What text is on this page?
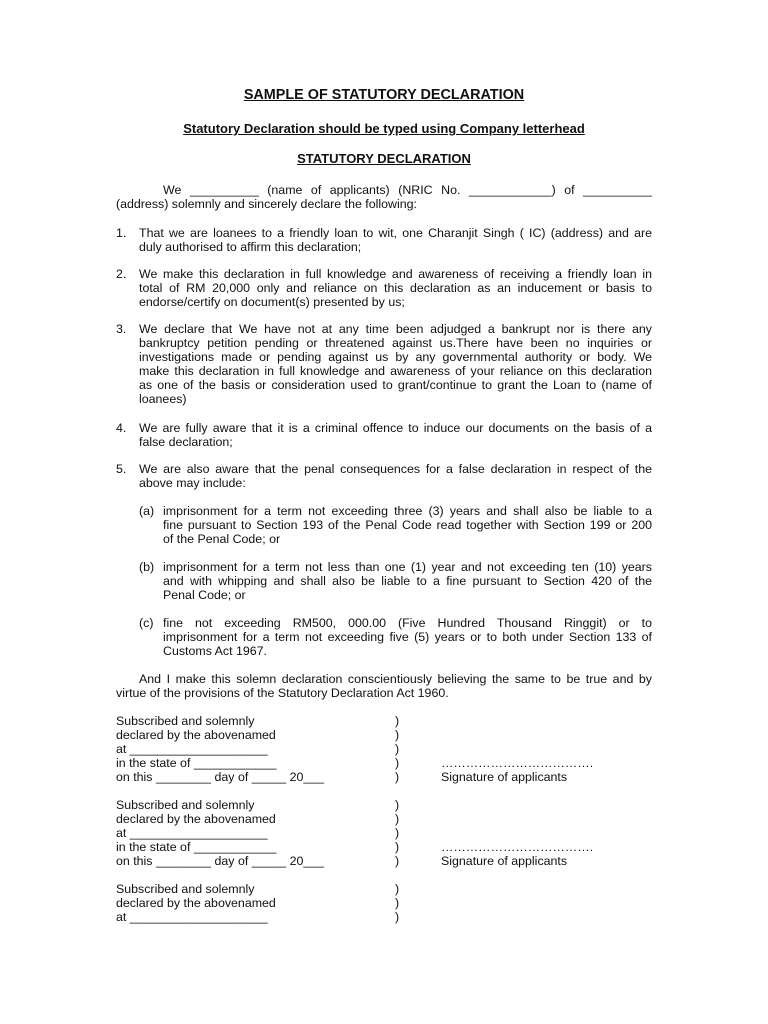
SAMPLE OF STATUTORY DECLARATION
Statutory Declaration should be typed using Company letterhead
STATUTORY DECLARATION
We __________ (name of applicants) (NRIC No. ____________) of __________
(address) solemnly and sincerely declare the following:
1. That we are loanees to a friendly loan to wit, one Charanjit Singh ( IC) (address) and are
duly authorised to affirm this declaration;
2. We make this declaration in full knowledge and awareness of receiving a friendly loan in
total of RM 20,000 only and reliance on this declaration as an inducement or basis to
endorse/certify on document(s) presented by us;
3. We declare that We have not at any time been adjudged a bankrupt nor is there any
bankruptcy petition pending or threatened against us.There have been no inquiries or
investigations made or pending against us by any governmental authority or body. We
make this declaration in full knowledge and awareness of your reliance on this declaration
as one of the basis or consideration used to grant/continue to grant the Loan to (name of
loanees)
4. We are fully aware that it is a criminal offence to induce our documents on the basis of a
false declaration;
5. We are also aware that the penal consequences for a false declaration in respect of the
above may include:
(a) imprisonment for a term not exceeding three (3) years and shall also be liable to a
fine pursuant to Section 193 of the Penal Code read together with Section 199 or 200
of the Penal Code; or
(b) imprisonment for a term not less than one (1) year and not exceeding ten (10) years
and with whipping and shall also be liable to a fine pursuant to Section 420 of the
Penal Code; or
(c) fine not exceeding RM500, 000.00 (Five Hundred Thousand Ringgit) or to
imprisonment for a term not exceeding five (5) years or to both under Section 133 of
Customs Act 1967.
And I make this solemn declaration conscientiously believing the same to be true and by
virtue of the provisions of the Statutory Declaration Act 1960.
Subscribed and solemnly	)
declared by the abovenamed	)
at ____________________	)
in the state of ____________	)
on this ________ day of _____ 20___	)
……………………………….
Signature of applicants
Subscribed and solemnly	)
declared by the abovenamed	)
at ____________________	)
in the state of ____________	)
on this ________ day of _____ 20___	)
……………………………….
Signature of applicants
Subscribed and solemnly	)
declared by the abovenamed	)
at ____________________	)
